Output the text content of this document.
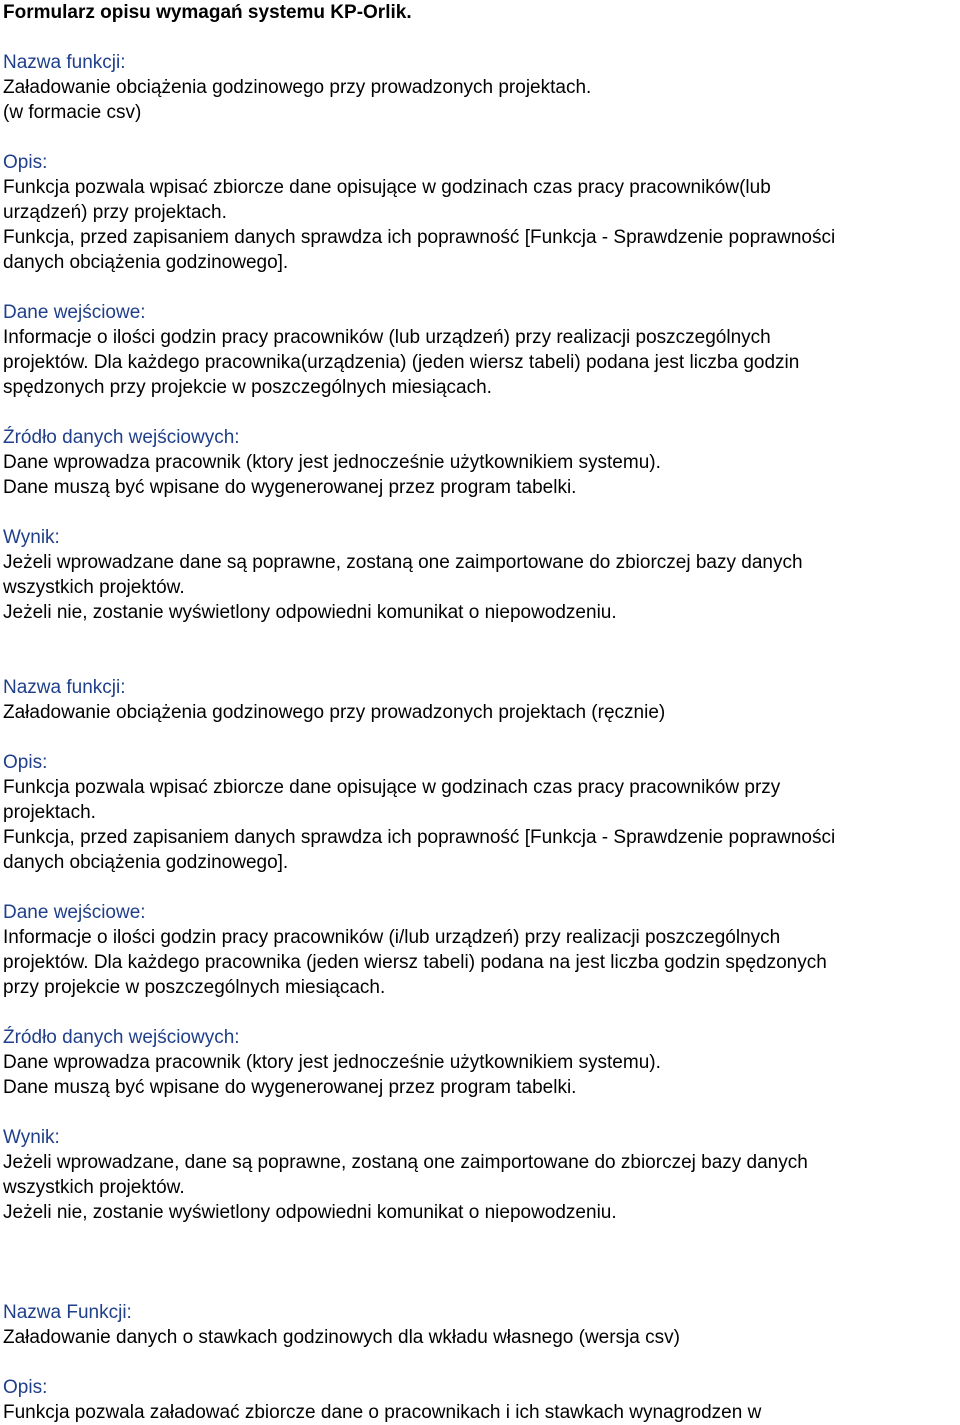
Formularz opisu wymagań systemu KP-Orlik.
Nazwa funkcji:
Załadowanie obciążenia godzinowego przy prowadzonych projektach.
(w formacie csv)
Opis:
Funkcja pozwala wpisać zbiorcze dane opisujące w godzinach czas pracy pracowników(lub
urządzeń) przy projektach.
Funkcja, przed zapisaniem danych sprawdza ich poprawność [Funkcja - Sprawdzenie poprawności
danych obciążenia godzinowego].
Dane wejściowe:
Informacje o ilości godzin pracy pracowników (lub urządzeń) przy realizacji poszczególnych
projektów. Dla każdego pracownika(urządzenia) (jeden wiersz tabeli) podana jest liczba godzin
spędzonych przy projekcie w poszczególnych miesiącach.
Źródło danych wejściowych:
Dane wprowadza pracownik (ktory jest jednocześnie użytkownikiem systemu).
Dane muszą być wpisane do wygenerowanej przez program tabelki.
Wynik:
Jeżeli wprowadzane dane są poprawne, zostaną one zaimportowane do zbiorczej bazy danych
wszystkich projektów.
Jeżeli nie, zostanie wyświetlony odpowiedni komunikat o niepowodzeniu.
Nazwa funkcji:
Załadowanie obciążenia godzinowego przy prowadzonych projektach (ręcznie)
Opis:
Funkcja pozwala wpisać zbiorcze dane opisujące w godzinach czas pracy pracowników przy
projektach.
Funkcja, przed zapisaniem danych sprawdza ich poprawność [Funkcja - Sprawdzenie poprawności
danych obciążenia godzinowego].
Dane wejściowe:
Informacje o ilości godzin pracy pracowników (i/lub urządzeń) przy realizacji poszczególnych
projektów. Dla każdego pracownika (jeden wiersz tabeli) podana na jest liczba godzin spędzonych
przy projekcie w poszczególnych miesiącach.
Źródło danych wejściowych:
Dane wprowadza pracownik (ktory jest jednocześnie użytkownikiem systemu).
Dane muszą być wpisane do wygenerowanej przez program tabelki.
Wynik:
Jeżeli wprowadzane, dane są poprawne, zostaną one zaimportowane do zbiorczej bazy danych
wszystkich projektów.
Jeżeli nie, zostanie wyświetlony odpowiedni komunikat o niepowodzeniu.
Nazwa Funkcji:
Załadowanie danych o stawkach godzinowych dla wkładu własnego (wersja csv)
Opis:
Funkcja pozwala załadować zbiorcze dane o pracownikach i ich stawkach wynagrodzen w
